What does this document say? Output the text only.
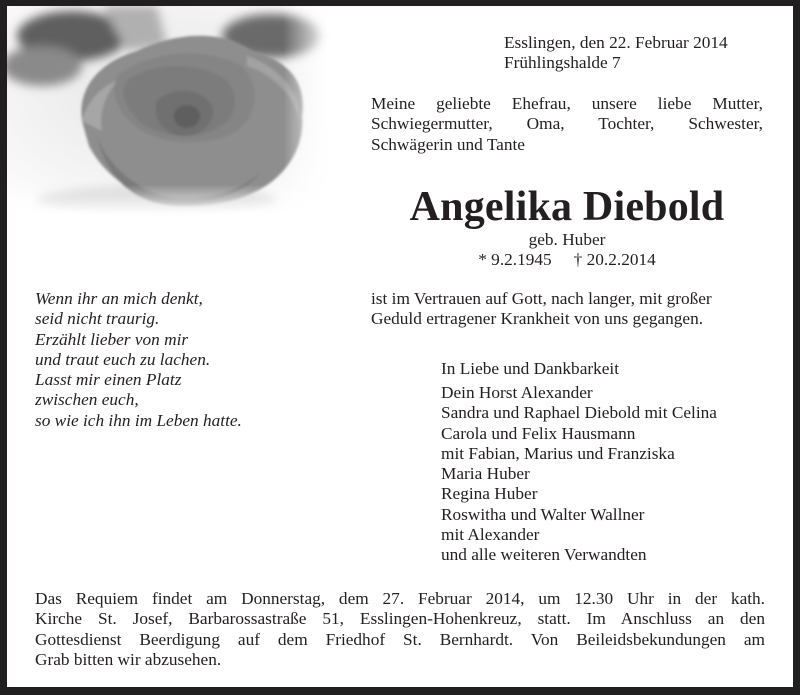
Esslingen, den 22. Februar 2014
Frühlingshalde 7
Meine geliebte Ehefrau, unsere liebe Mutter,
Schwiegermutter, Oma, Tochter, Schwester,
Schwägerin und Tante
Angelika Diebold
geb. Huber
* 9.2.1945 † 20.2.2014
Wenn ihr an mich denkt,
seid nicht traurig.
Erzählt lieber von mir
und traut euch zu lachen.
Lasst mir einen Platz
zwischen euch,
so wie ich ihn im Leben hatte.
ist im Vertrauen auf Gott, nach langer, mit großer
Geduld ertragener Krankheit von uns gegangen.
In Liebe und Dankbarkeit
Dein Horst Alexander
Sandra und Raphael Diebold mit Celina
Carola und Felix Hausmann
mit Fabian, Marius und Franziska
Maria Huber
Regina Huber
Roswitha und Walter Wallner
mit Alexander
und alle weiteren Verwandten
Das Requiem findet am Donnerstag, dem 27. Februar 2014, um 12.30 Uhr in der kath.
Kirche St. Josef, Barbarossastraße 51, Esslingen-Hohenkreuz, statt. Im Anschluss an den
Gottesdienst Beerdigung auf dem Friedhof St. Bernhardt. Von Beileidsbekundungen am
Grab bitten wir abzusehen.
